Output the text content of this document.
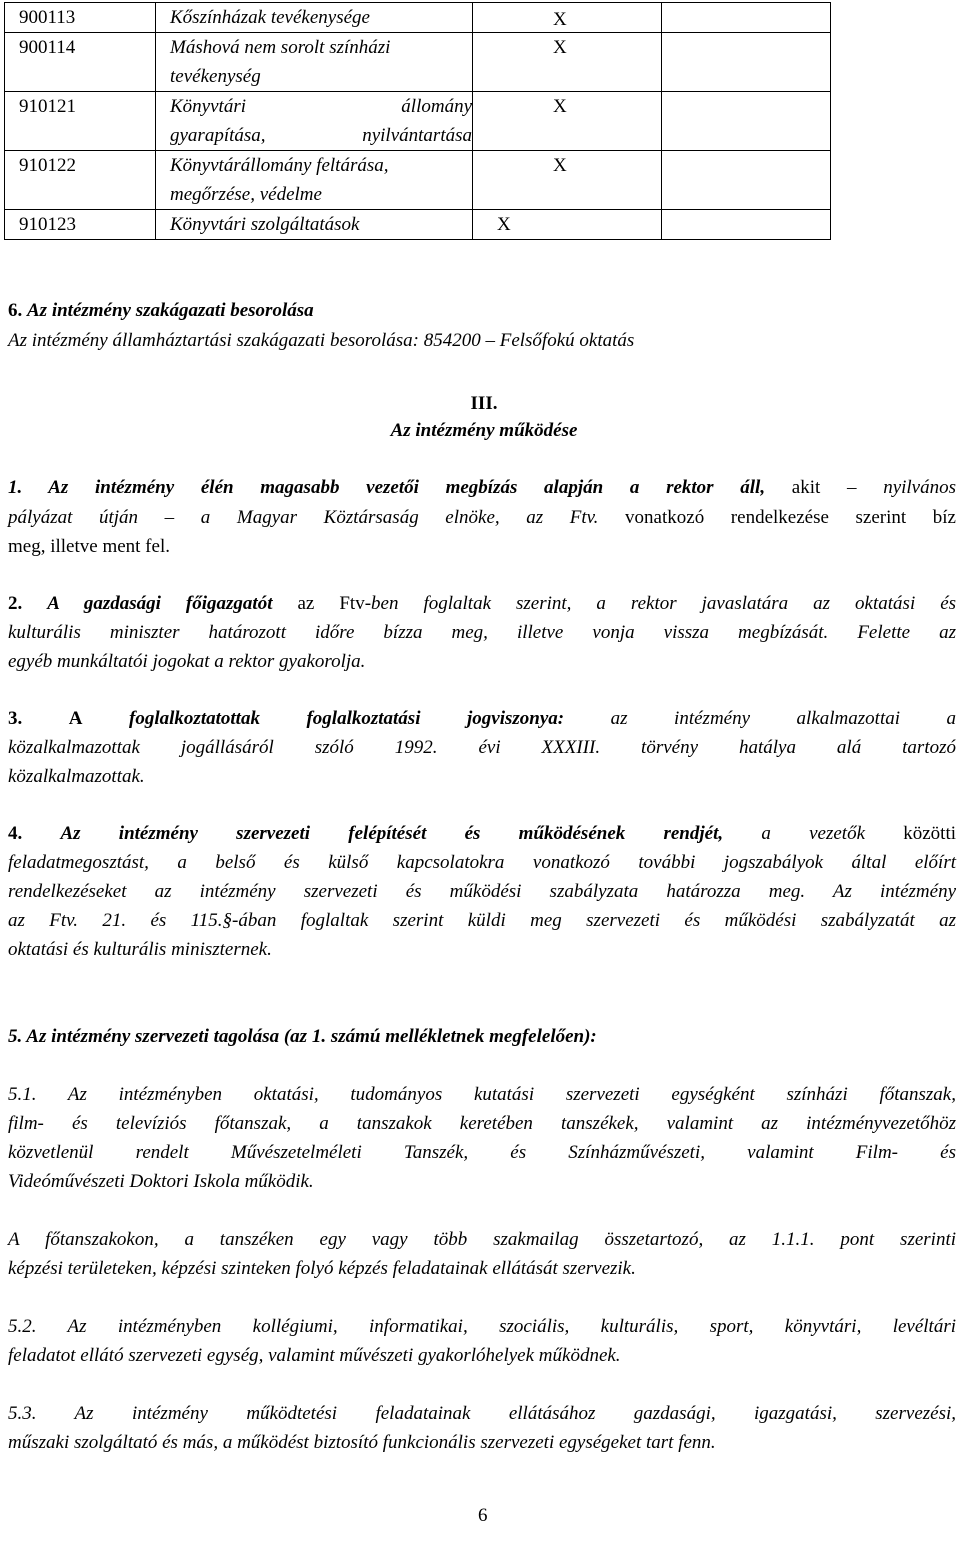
900113	Kőszínházak tevékenysége	X	

900114	Máshová nem sorolt színházi
tevékenység	X	

910121	Könyvtári állomány
gyarapítása, nyilvántartása	X	

910122	Könyvtárállomány feltárása,
megőrzése, védelme	X	

910123	Könyvtári szolgáltatások	X	

6. Az intézmény szakágazati besorolása
Az intézmény államháztartási szakágazati besorolása: 854200 – Felsőfokú oktatás
III.
Az intézmény működése
1. Az intézmény élén magasabb vezetői megbízás alapján a rektor áll, akit – nyilvános
pályázat útján – a Magyar Köztársaság elnöke, az Ftv. vonatkozó rendelkezése szerint bíz
meg, illetve ment fel.
2. A gazdasági főigazgatót az Ftv-ben foglaltak szerint, a rektor javaslatára az oktatási és
kulturális miniszter határozott időre bízza meg, illetve vonja vissza megbízását. Felette az
egyéb munkáltatói jogokat a rektor gyakorolja.
3. A foglalkoztatottak foglalkoztatási jogviszonya: az intézmény alkalmazottai a
közalkalmazottak jogállásáról szóló 1992. évi XXXIII. törvény hatálya alá tartozó
közalkalmazottak.
4. Az intézmény szervezeti felépítését és működésének rendjét, a vezetők közötti
feladatmegosztást, a belső és külső kapcsolatokra vonatkozó további jogszabályok által előírt
rendelkezéseket az intézmény szervezeti és működési szabályzata határozza meg. Az intézmény
az Ftv. 21. és 115.§-ában foglaltak szerint küldi meg szervezeti és működési szabályzatát az
oktatási és kulturális miniszternek.
5. Az intézmény szervezeti tagolása (az 1. számú mellékletnek megfelelően):
5.1. Az intézményben oktatási, tudományos kutatási szervezeti egységként színházi főtanszak,
film- és televíziós főtanszak, a tanszakok keretében tanszékek, valamint az intézményvezetőhöz
közvetlenül rendelt Művészetelméleti Tanszék, és Színházművészeti, valamint Film- és
Videóművészeti Doktori Iskola működik.
A főtanszakokon, a tanszéken egy vagy több szakmailag összetartozó, az 1.1.1. pont szerinti
képzési területeken, képzési szinteken folyó képzés feladatainak ellátását szervezik.
5.2. Az intézményben kollégiumi, informatikai, szociális, kulturális, sport, könyvtári, levéltári
feladatot ellátó szervezeti egység, valamint művészeti gyakorlóhelyek működnek.
5.3. Az intézmény működtetési feladatainak ellátásához gazdasági, igazgatási, szervezési,
műszaki szolgáltató és más, a működést biztosító funkcionális szervezeti egységeket tart fenn.
6
